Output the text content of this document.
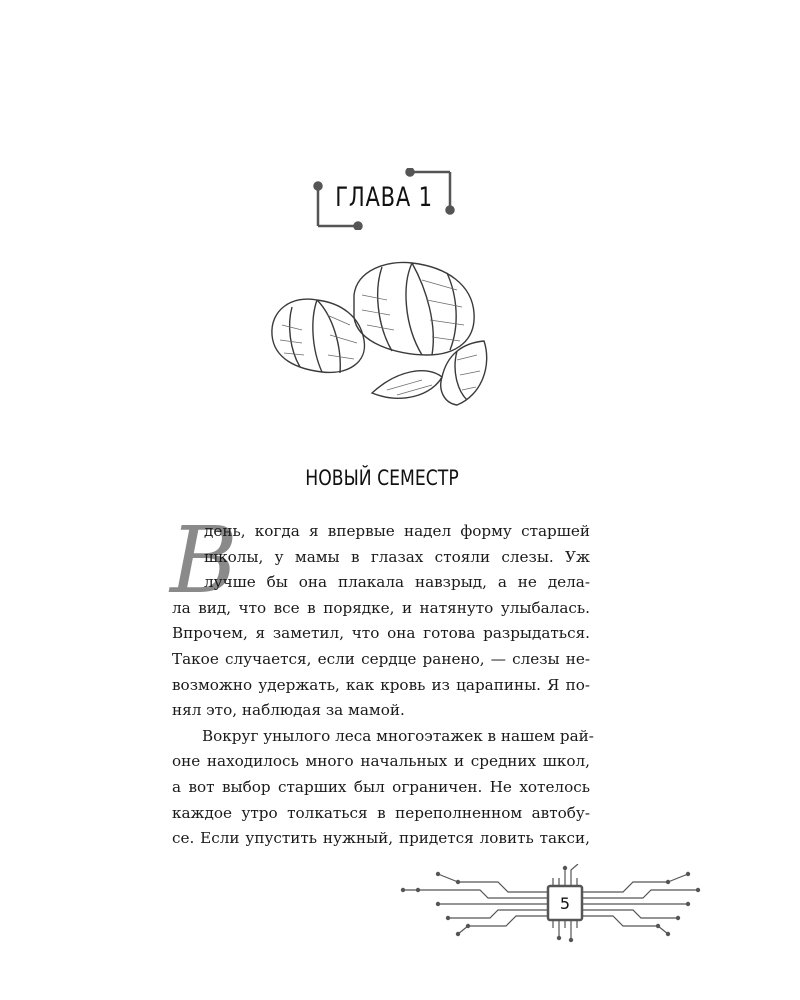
ГЛАВА 1
НОВЫЙ СЕМЕСТР
В
день, когда я впервые надел форму старшей
школы, у мамы в глазах стояли слезы. Уж
лучше бы она плакала навзрыд, а не дела-
ла вид, что все в порядке, и натянуто улыбалась.
Впрочем, я заметил, что она готова разрыдаться.
Такое случается, если сердце ранено, — слезы не-
возможно удержать, как кровь из царапины. Я по-
нял это, наблюдая за мамой.
Вокруг унылого леса многоэтажек в нашем рай-
оне находилось много начальных и средних школ,
а вот выбор старших был ограничен. Не хотелось
каждое утро толкаться в переполненном автобу-
се. Если упустить нужный, придется ловить такси,
5
